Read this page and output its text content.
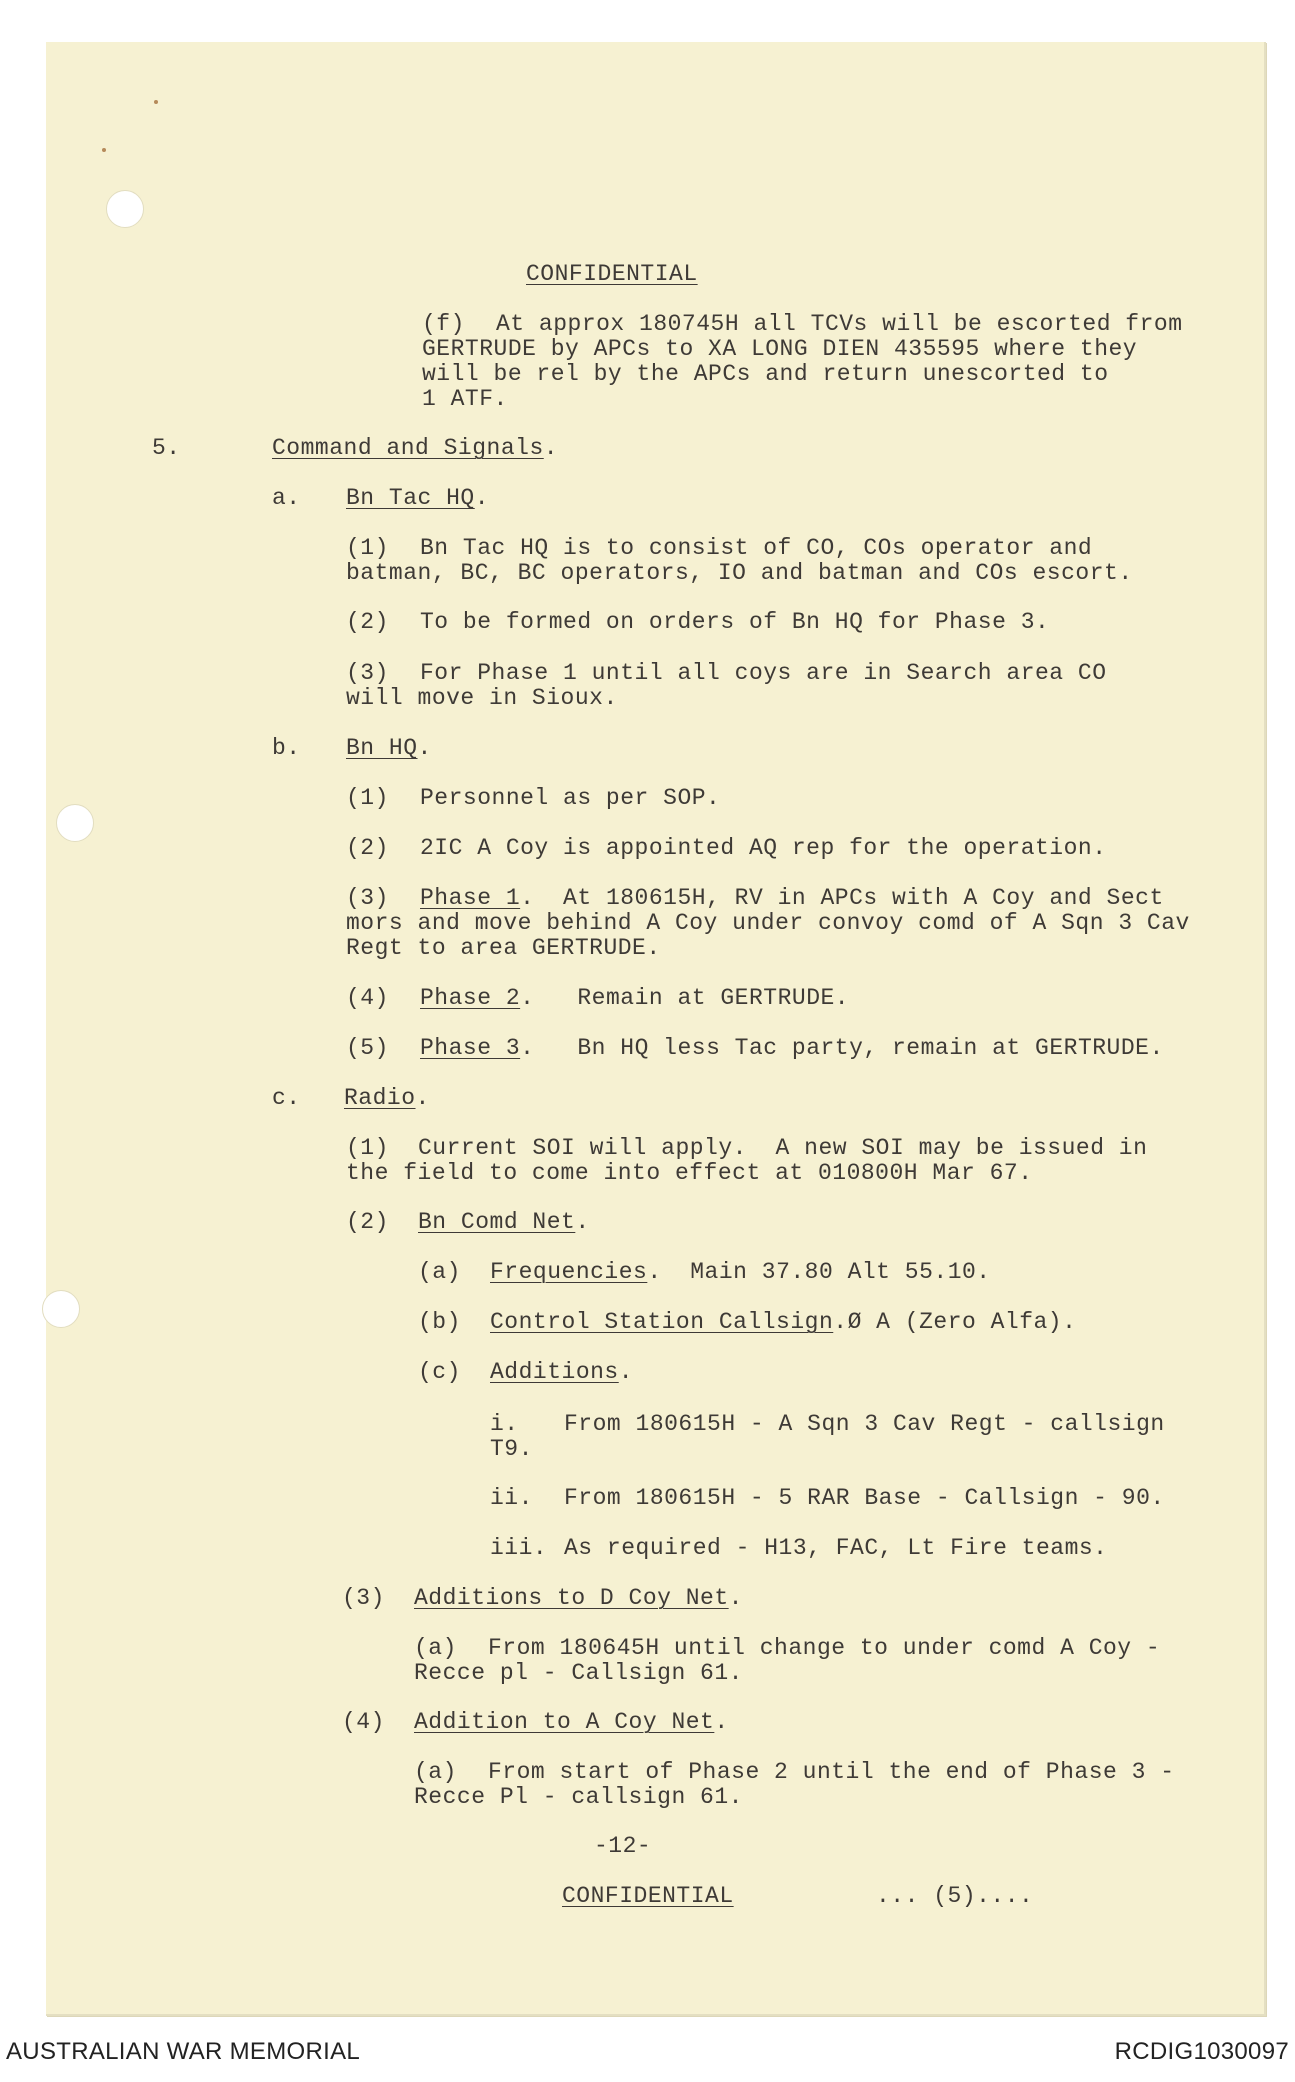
CONFIDENTIAL

(f) At approx 180745H all TCVs will be escorted from

GERTRUDE by APCs to XA LONG DIEN 435595 where they

will be rel by the APCs and return unescorted to

1 ATF.

5.	Command and Signals.

a. Bn Tac HQ.

(1) Bn Tac HQ is to consist of CO, COs operator and

batman, BC, BC operators, IO and batman and COs escort.

(2) To be formed on orders of Bn HQ for Phase 3.

(3) For Phase 1 until all coys are in Search area CO

will move in Sioux.

b. Bn HQ.

(1) Personnel as per SOP.

(2) 2IC A Coy is appointed AQ rep for the operation.

(3) Phase 1. At 180615H, RV in APCs with A Coy and Sect

mors and move behind A Coy under convoy comd of A Sqn 3 Cav

Regt to area GERTRUDE.

(4) Phase 2. Remain at GERTRUDE.

(5) Phase 3. Bn HQ less Tac party, remain at GERTRUDE.

c. Radio.

(1) Current SOI will apply.  A new SOI may be issued in

the field to come into effect at 010800H Mar 67.

(2) Bn Comd Net.

(a) Frequencies. Main 37.80 Alt 55.10.

(b) Control Station Callsign.Ø A (Zero Alfa).

(c) Additions.

i. From 180615H - A Sqn 3 Cav Regt - callsign

T9.

ii. From 180615H - 5 RAR Base - Callsign - 90.

iii. As required - H13, FAC, Lt Fire teams.

(3) Additions to D Coy Net.

(a) From 180645H until change to under comd A Coy -

Recce pl - Callsign 61.

(4) Addition to A Coy Net.

(a) From start of Phase 2 until the end of Phase 3 -

Recce Pl - callsign 61.

-12-

CONFIDENTIAL	... (5)....

AUSTRALIAN WAR MEMORIAL	RCDIG1030097
